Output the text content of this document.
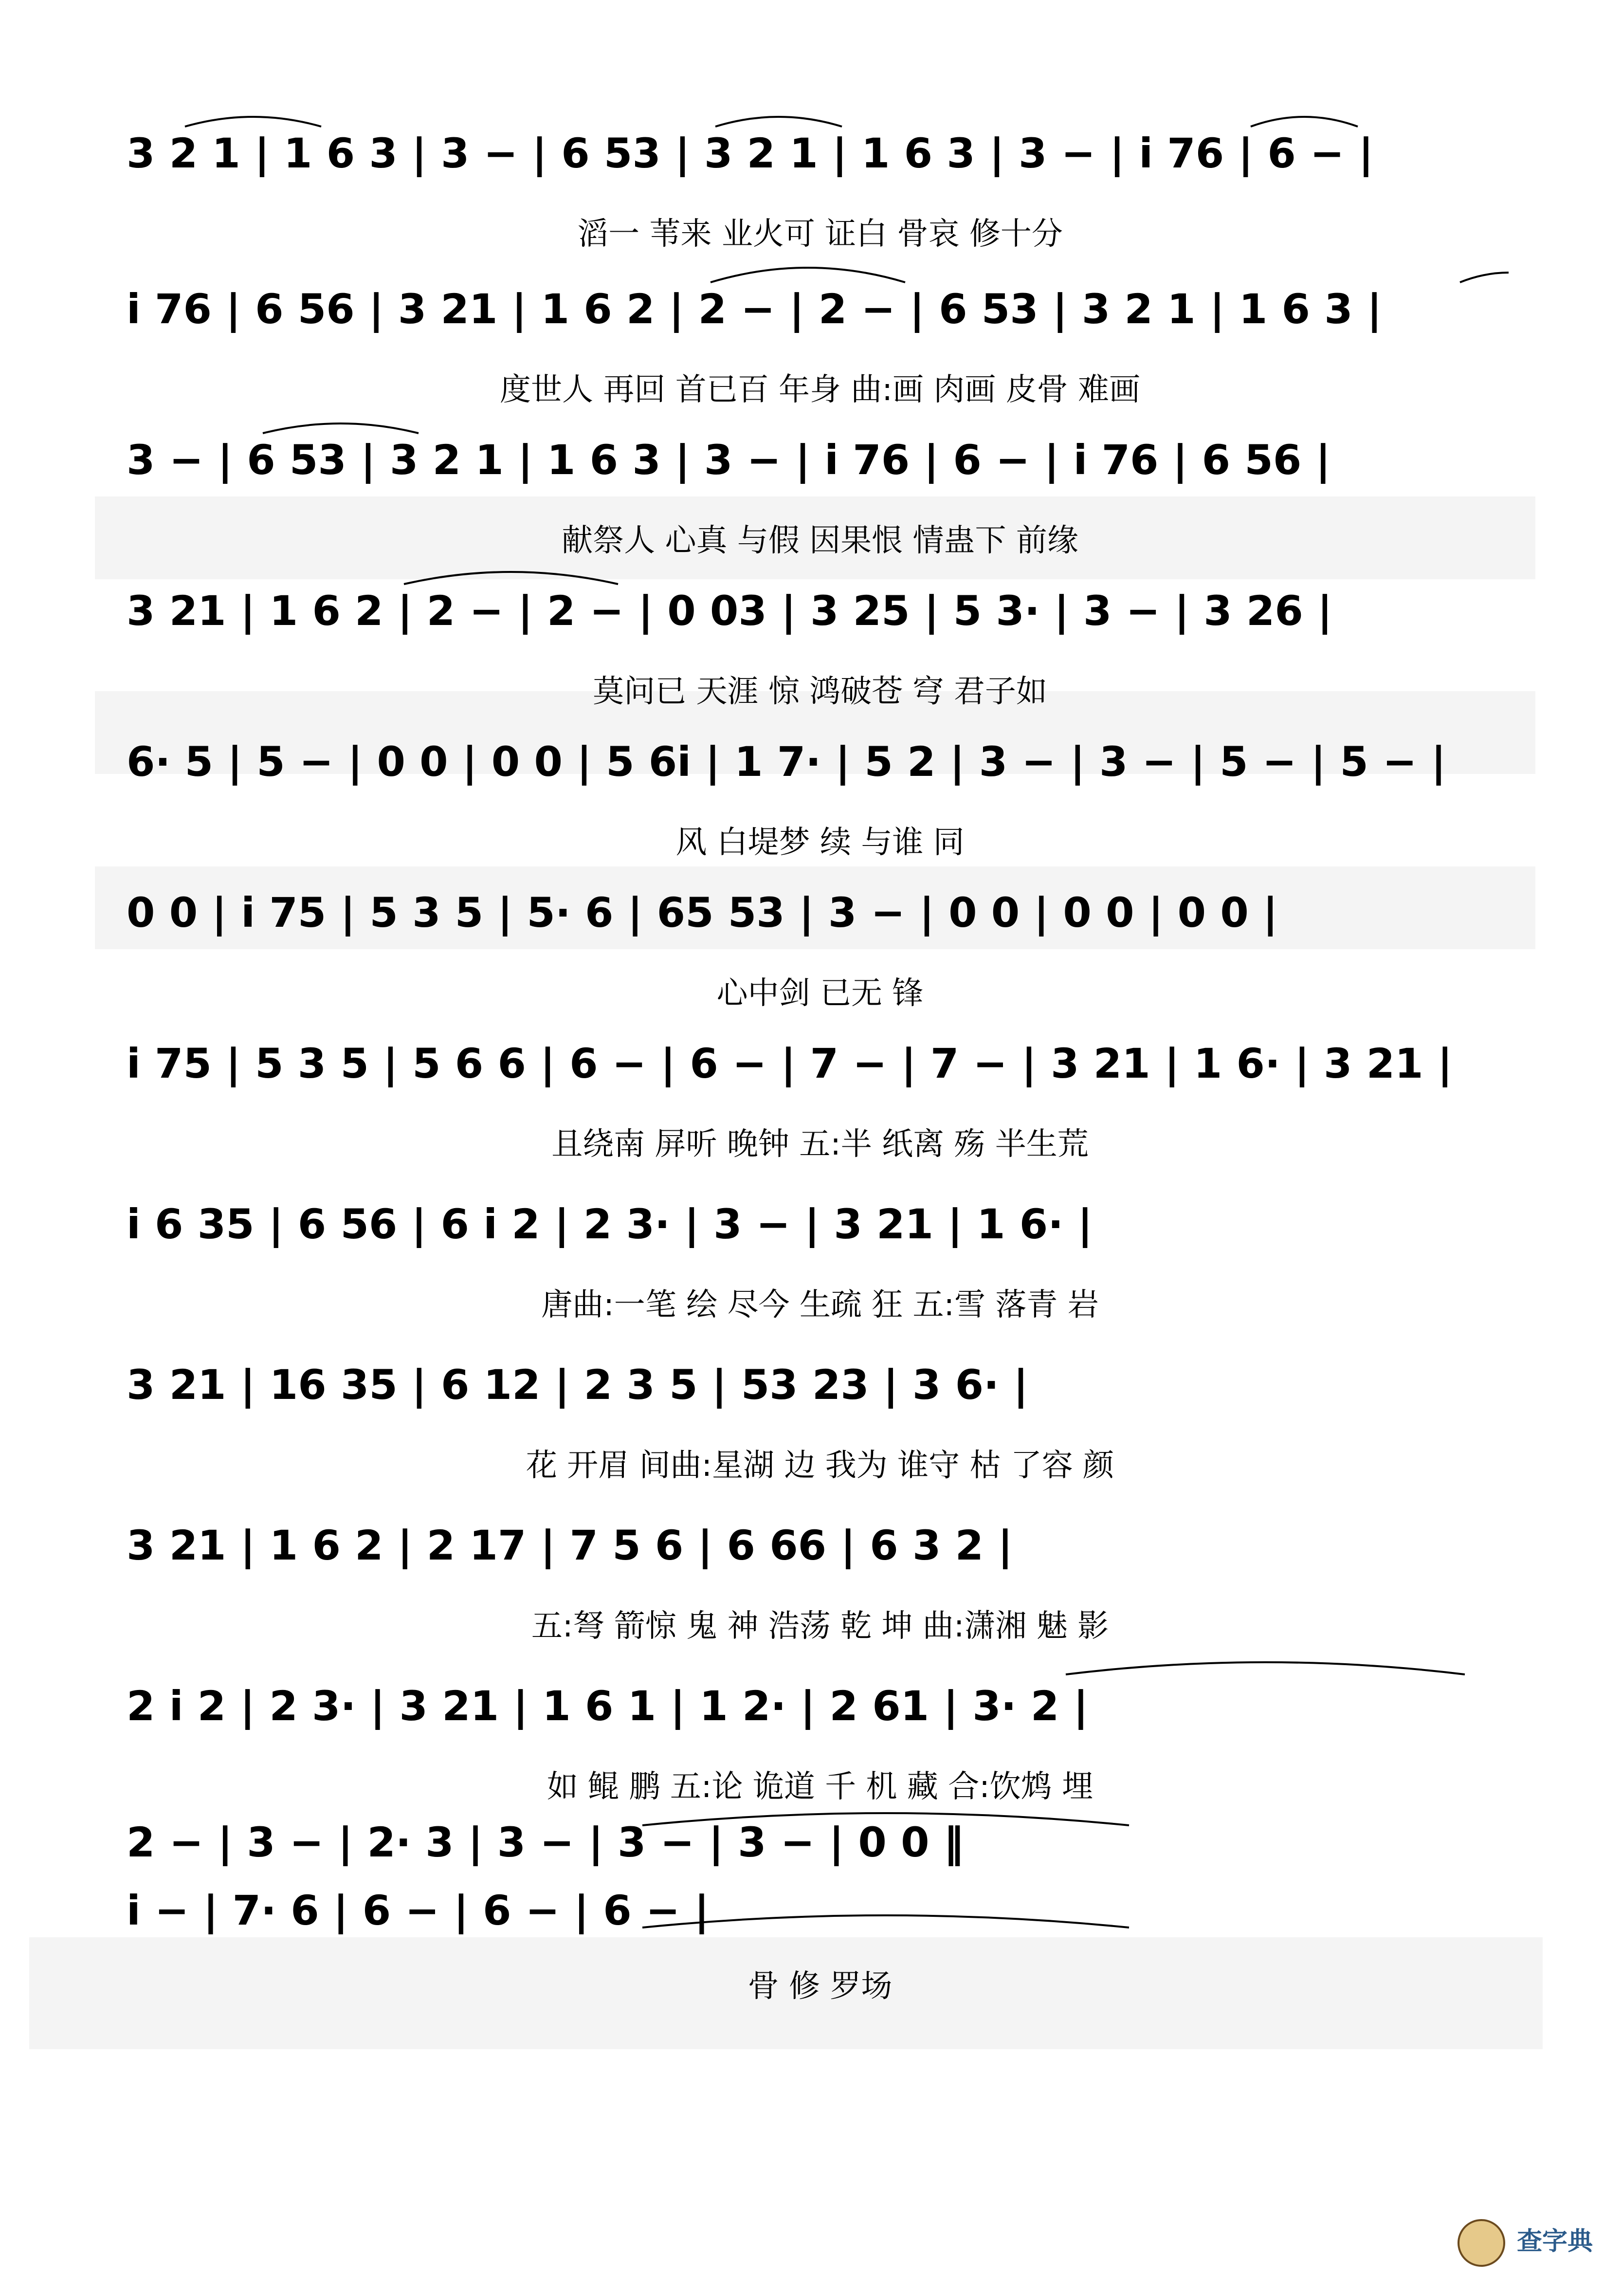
3 2 1 | 1 6 3 | 3 − | 6 53 | 3 2 1 | 1 6 3 | 3 − | i 76 | 6 − |
滔一 苇来 业火可 证白 骨哀 修十分
i 76 | 6 56 | 3 21 | 1 6 2 | 2 − | 2 − | 6 53 | 3 2 1 | 1 6 3 |
度世人 再回 首已百 年身 曲:画 肉画 皮骨 难画
3 − | 6 53 | 3 2 1 | 1 6 3 | 3 − | i 76 | 6 − | i 76 | 6 56 |
献祭人 心真 与假 因果恨 情蛊下 前缘
3 21 | 1 6 2 | 2 − | 2 − | 0 03 | 3 25 | 5 3· | 3 − | 3 26 |
莫问已 天涯 惊 鸿破苍 穹 君子如
6· 5 | 5 − | 0 0 | 0 0 | 5 6i | 1 7· | 5 2 | 3 − | 3 − | 5 − | 5 − |
风 白堤梦 续 与谁 同
0 0 | i 75 | 5 3 5 | 5· 6 | 65 53 | 3 − | 0 0 | 0 0 | 0 0 |
心中剑 已无 锋
i 75 | 5 3 5 | 5 6 6 | 6 − | 6 − | 7 − | 7 − | 3 21 | 1 6· | 3 21 |
且绕南 屏听 晚钟 五:半 纸离 殇 半生荒
i 6 35 | 6 56 | 6 i 2 | 2 3· | 3 − | 3 21 | 1 6· |
唐曲:一笔 绘 尽今 生疏 狂 五:雪 落青 岩
3 21 | 16 35 | 6 12 | 2 3 5 | 53 23 | 3 6· |
花 开眉 间曲:星湖 边 我为 谁守 枯 了容 颜
3 21 | 1 6 2 | 2 17 | 7 5 6 | 6 66 | 6 3 2 |
五:弩 箭惊 鬼 神 浩荡 乾 坤 曲:潇湘 魅 影
2 i 2 | 2 3· | 3 21 | 1 6 1 | 1 2· | 2 61 | 3· 2 |
如 鲲 鹏 五:论 诡道 千 机 藏 合:饮鸩 埋
2 − | 3 − | 2· 3 | 3 − | 3 − | 3 − | 0 0 ‖
i − | 7· 6 | 6 − | 6 − | 6 − |
骨 修 罗场
查字典
